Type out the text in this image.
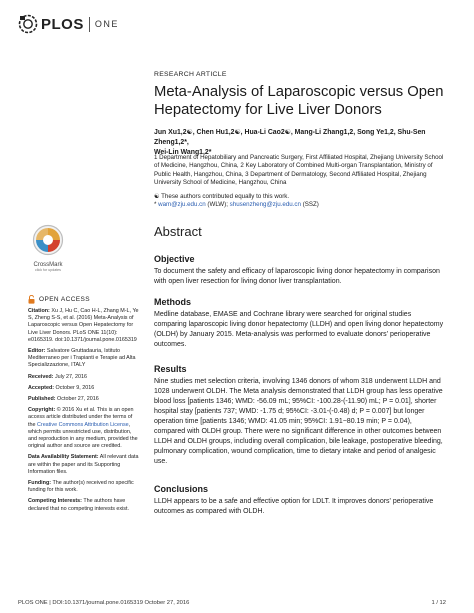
PLOS ONE
RESEARCH ARTICLE
Meta-Analysis of Laparoscopic versus Open Hepatectomy for Live Liver Donors
Jun Xu1,2☯, Chen Hu1,2☯, Hua-Li Cao2☯, Mang-Li Zhang1,2, Song Ye1,2, Shu-Sen Zheng1,2*,
Wei-Lin Wang1,2*
1 Department of Hepatobiliary and Pancreatic Surgery, First Affiliated Hospital, Zhejiang University School of Medicine, Hangzhou, China, 2 Key Laboratory of Combined Multi-organ Transplantation, Ministry of Public Health, Hangzhou, China, 3 Department of Dermatology, Second Affiliated Hospital, Zhejiang University School of Medicine, Hangzhou, China
☯ These authors contributed equally to this work.
* wam@zju.edu.cn (WLW); shusenzheng@zju.edu.cn (SSZ)
Abstract
Objective
To document the safety and efficacy of laparoscopic living donor hepatectomy in comparison with open liver resection for living donor liver transplantation.
Methods
Medline database, EMASE and Cochrane library were searched for original studies comparing laparoscopic living donor hepatectomy (LLDH) and open living donor hepatectomy (OLDH) by January 2015. Meta-analysis was performed to evaluate donors' perioperative outcomes.
Results
Nine studies met selection criteria, involving 1346 donors of whom 318 underwent LLDH and 1028 underwent OLDH. The Meta analysis demonstrated that LLDH group has less operative blood loss [patients 1346; WMD: -56.09 mL; 95%CI: -100.28-(-11.90) mL; P = 0.01], shorter hospital stay [patients 737; WMD: -1.75 d; 95%CI: -3.01-(-0.48) d; P = 0.007] but longer operation time [patients 1346; WMD: 41.05 min; 95%CI: 1.91−80.19 min; P = 0.04), compared with OLDH group. There were no significant difference in other outcomes between LLDH and OLDH groups, including overall complication, bile leakage, postoperative bleeding, pulmonary complication, wound complication, time to dietary intake and period of analgesic use.
Conclusions
LLDH appears to be a safe and effective option for LDLT. It improves donors' perioperative outcomes as compared with OLDH.
CrossMark
click for updates
OPEN ACCESS

Citation: Xu J, Hu C, Cao H-L, Zhang M-L, Ye S, Zheng S-S, et al. (2016) Meta-Analysis of Laparoscopic versus Open Hepatectomy for Live Liver Donors. PLoS ONE 11(10): e0165319. doi:10.1371/journal.pone.0165319

Editor: Salvatore Gruttadauria, Istituto Mediterraneo per i Trapianti e Terapie ad Alta Specializzazione, ITALY

Received: July 27, 2016

Accepted: October 9, 2016

Published: October 27, 2016

Copyright: © 2016 Xu et al. This is an open access article distributed under the terms of the Creative Commons Attribution License, which permits unrestricted use, distribution, and reproduction in any medium, provided the original author and source are credited.

Data Availability Statement: All relevant data are within the paper and its Supporting Information files.

Funding: The author(s) received no specific funding for this work.

Competing Interests: The authors have declared that no competing interests exist.

PLOS ONE | DOI:10.1371/journal.pone.0165319 October 27, 2016	1 / 12
